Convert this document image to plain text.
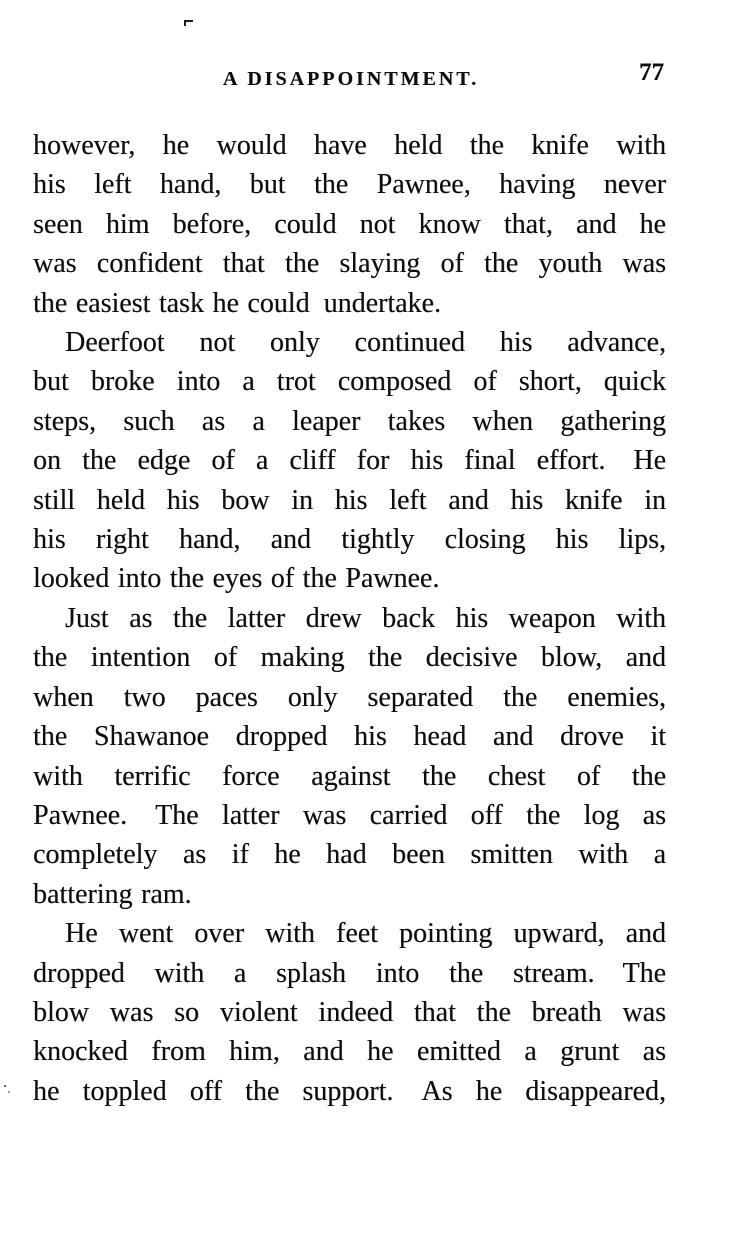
A DISAPPOINTMENT.	77

however, he would have held the knife with
his left hand, but the Pawnee, having never
seen him before, could not know that, and he
was confident that the slaying of the youth was
the easiest task he could undertake.

Deerfoot not only continued his advance,
but broke into a trot composed of short, quick
steps, such as a leaper takes when gathering
on the edge of a cliff for his final effort.  He
still held his bow in his left and his knife in
his right hand, and tightly closing his lips,
looked into the eyes of the Pawnee.

Just as the latter drew back his weapon with
the intention of making the decisive blow, and
when two paces only separated the enemies,
the Shawanoe dropped his head and drove it
with terrific force against the chest of the
Pawnee.  The latter was carried off the log as
completely as if he had been smitten with a
battering ram.

He went over with feet pointing upward, and
dropped with a splash into the stream.  The
blow was so violent indeed that the breath was
knocked from him, and he emitted a grunt as
he toppled off the support.  As he disappeared,
